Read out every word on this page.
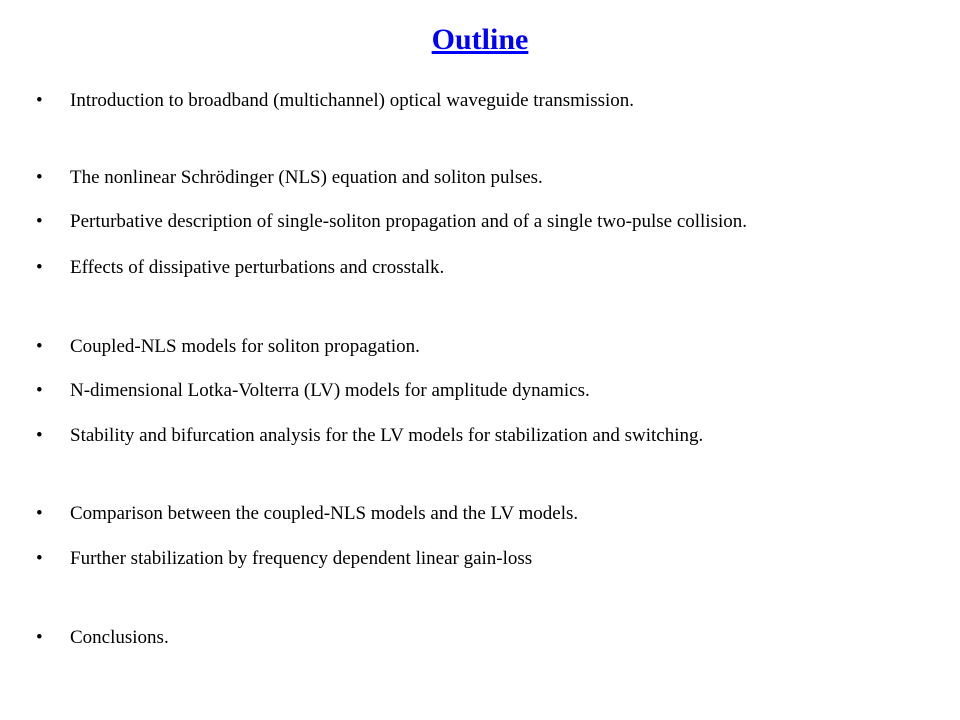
Outline
•	Introduction to broadband (multichannel) optical waveguide transmission.
•	The nonlinear Schrödinger (NLS) equation and soliton pulses.
•	Perturbative description of single-soliton propagation and of a single two-pulse collision.
•	Effects of dissipative perturbations and crosstalk.
•	Coupled-NLS models for soliton propagation.
•	N-dimensional Lotka-Volterra (LV) models for amplitude dynamics.
•	Stability and bifurcation analysis for the LV models for stabilization and switching.
•	Comparison between the coupled-NLS models and the LV models.
•	Further stabilization by frequency dependent linear gain-loss
•	Conclusions.
